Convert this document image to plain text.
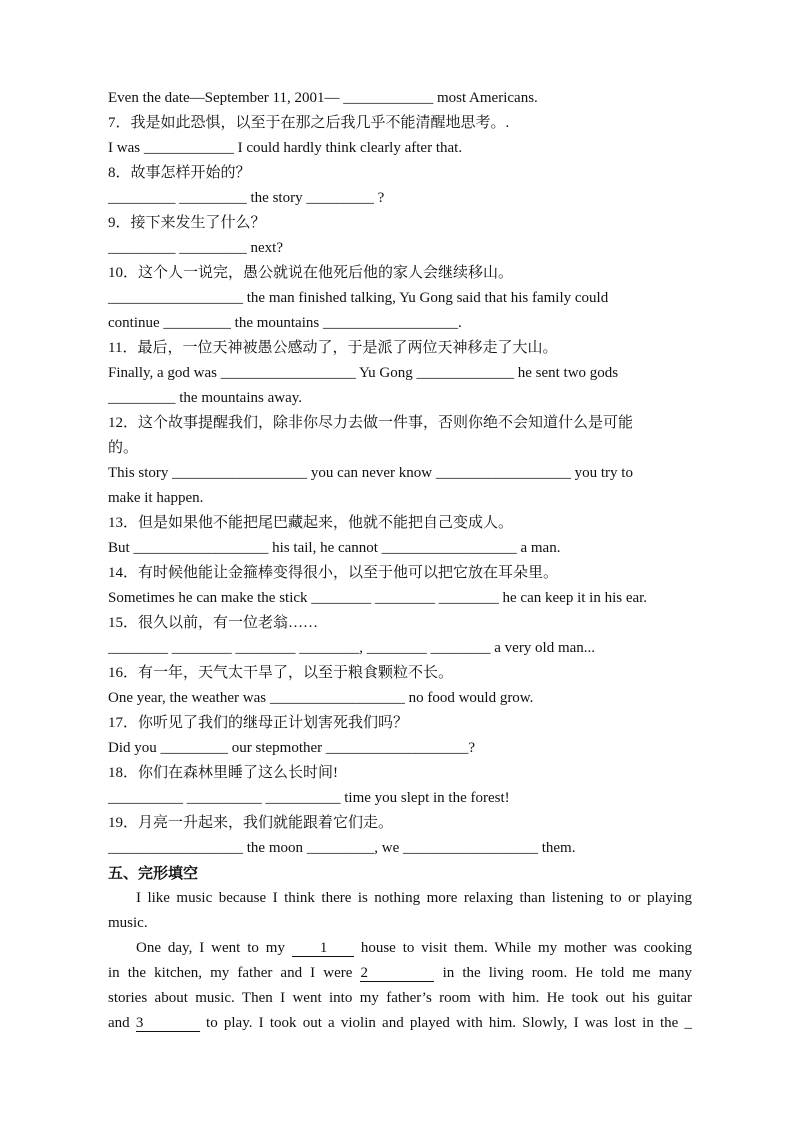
Even the date—September 11, 2001— ____________ most Americans.
7．我是如此恐惧，以至于在那之后我几乎不能清醒地思考。.
I was ____________ I could hardly think clearly after that.
8．故事怎样开始的？
_________ _________ the story _________ ?
9．接下来发生了什么？
_________ _________ next?
10．这个人一说完，愚公就说在他死后他的家人会继续移山。
__________________ the man finished talking, Yu Gong said that his family could
continue _________ the mountains __________________.
11．最后，一位天神被愚公感动了，于是派了两位天神移走了大山。
Finally, a god was __________________ Yu Gong _____________ he sent two gods
_________ the mountains away.
12．这个故事提醒我们，除非你尽力去做一件事，否则你绝不会知道什么是可能
的。
This story __________________ you can never know __________________ you try to
make it happen.
13．但是如果他不能把尾巴藏起来，他就不能把自己变成人。
But __________________ his tail, he cannot __________________ a man.
14．有时候他能让金箍棒变得很小，以至于他可以把它放在耳朵里。
Sometimes he can make the stick ________ ________ ________ he can keep it in his ear.
15．很久以前，有一位老翁……
________ ________ ________ ________, ________ ________ a very old man...
16．有一年，天气太干旱了，以至于粮食颗粒不长。
One year, the weather was __________________ no food would grow.
17．你听见了我们的继母正计划害死我们吗？
Did you _________ our stepmother ___________________?
18．你们在森林里睡了这么长时间!
__________ __________ __________ time you slept in the forest!
19．月亮一升起来，我们就能跟着它们走。
__________________ the moon _________, we __________________ them.
五、完形填空
I like music because I think there is nothing more relaxing than listening to or playing
music.
One day, I went to my 1 house to visit them. While my mother was cooking
in the kitchen, my father and I were 2	in the living room. He told me many
stories about music. Then I went into my father’s room with him. He took out his guitar
and 3	to play. I took out a violin and played with him. Slowly, I was lost in the _
